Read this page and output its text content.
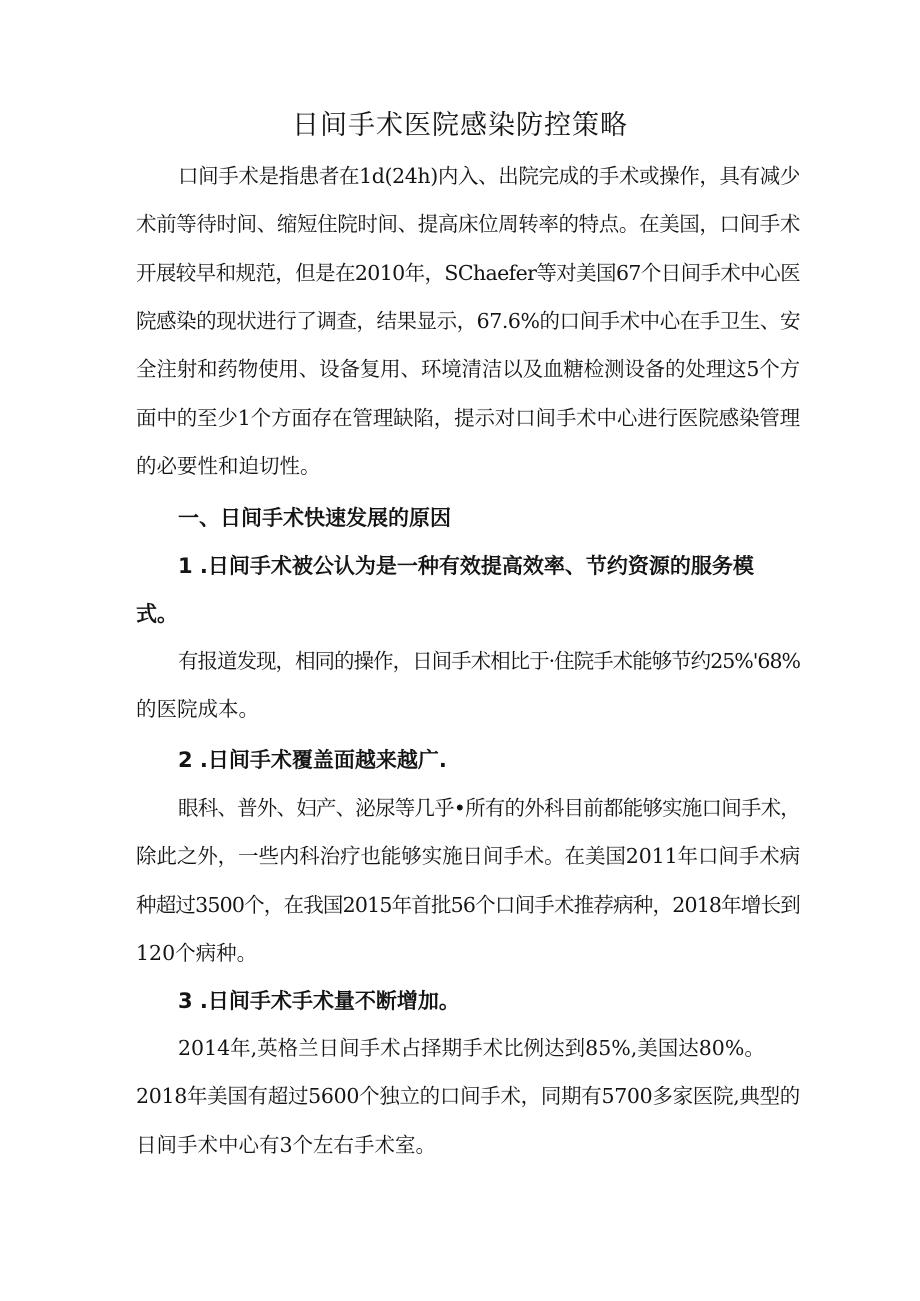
日间手术医院感染防控策略

口间手术是指患者在1d(24h)内入、出院完成的手术或操作，具有减少

术前等待时间、缩短住院时间、提高床位周转率的特点。在美国，口间手术

开展较早和规范，但是在2010年，SChaefer等对美国67个日间手术中心医

院感染的现状进行了调查，结果显示，67.6%的口间手术中心在手卫生、安

全注射和药物使用、设备复用、环境清洁以及血糖检测设备的处理这5个方

面中的至少1个方面存在管理缺陷，提示对口间手术中心进行医院感染管理

的必要性和迫切性。

一、日间手术快速发展的原因
1 .日间手术被公认为是一种有效提高效率、节约资源的服务模
式。

有报道发现，相同的操作，日间手术相比于·住院手术能够节约25%'68%

的医院成本。

2 .日间手术覆盖面越来越广.

眼科、普外、妇产、泌尿等几乎•所有的外科目前都能够实施口间手术，

除此之外，一些内科治疗也能够实施日间手术。在美国2011年口间手术病

种超过3500个，在我国2015年首批56个口间手术推荐病种，2018年增长到

120个病种。

3 .日间手术手术量不断增加。

2014年,英格兰日间手术占择期手术比例达到85%,美国达80%。

2018年美国有超过5600个独立的口间手术，同期有5700多家医院,典型的

日间手术中心有3个左右手术室。
